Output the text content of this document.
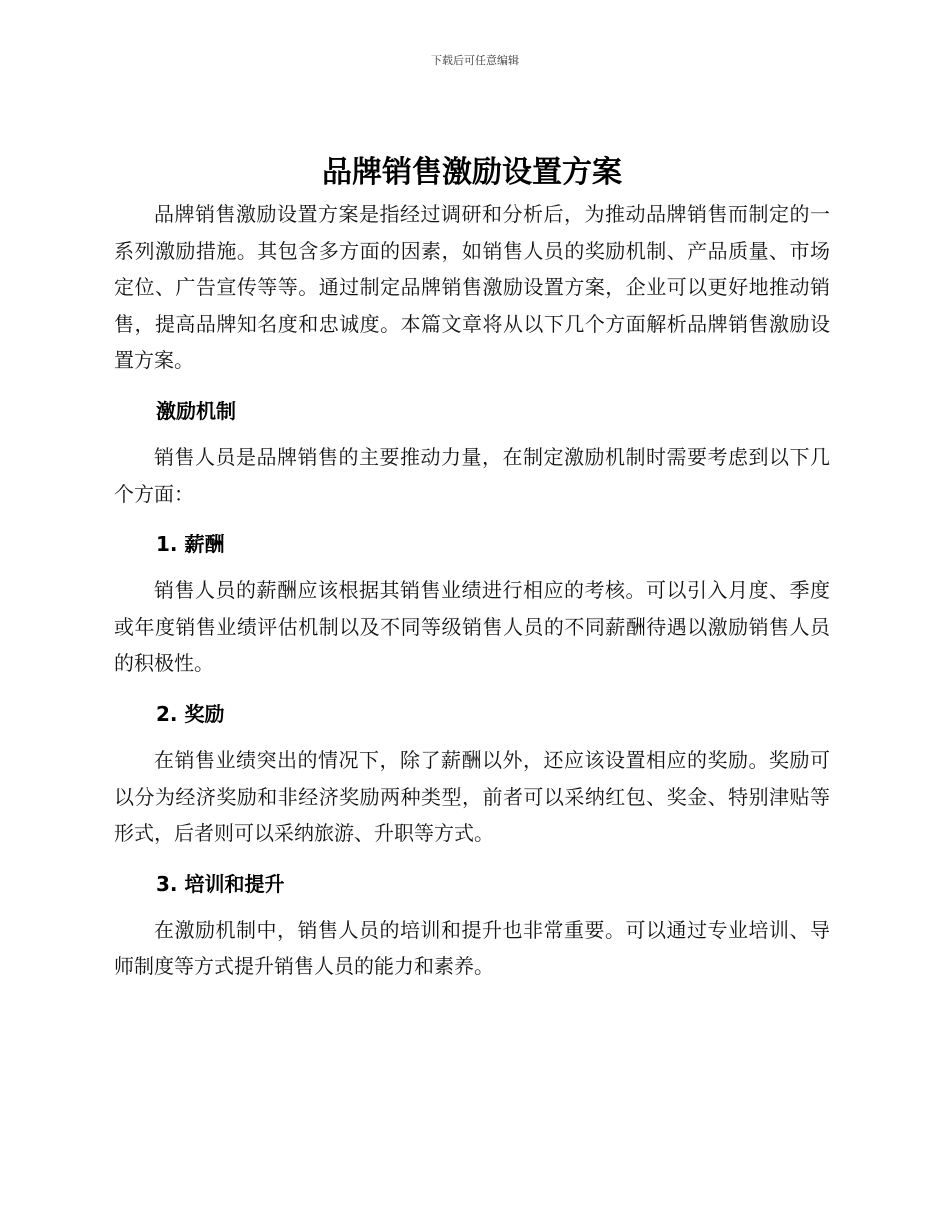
下载后可任意编辑
品牌销售激励设置方案

品牌销售激励设置方案是指经过调研和分析后，为推动品牌销售而制定的一系列激励措施。其包含多方面的因素，如销售人员的奖励机制、产品质量、市场定位、广告宣传等等。通过制定品牌销售激励设置方案，企业可以更好地推动销售，提高品牌知名度和忠诚度。本篇文章将从以下几个方面解析品牌销售激励设置方案。

激励机制

销售人员是品牌销售的主要推动力量，在制定激励机制时需要考虑到以下几个方面：

1. 薪酬

销售人员的薪酬应该根据其销售业绩进行相应的考核。可以引入月度、季度或年度销售业绩评估机制以及不同等级销售人员的不同薪酬待遇以激励销售人员的积极性。

2. 奖励

在销售业绩突出的情况下，除了薪酬以外，还应该设置相应的奖励。奖励可以分为经济奖励和非经济奖励两种类型，前者可以采纳红包、奖金、特别津贴等形式，后者则可以采纳旅游、升职等方式。

3. 培训和提升

在激励机制中，销售人员的培训和提升也非常重要。可以通过专业培训、导师制度等方式提升销售人员的能力和素养。
